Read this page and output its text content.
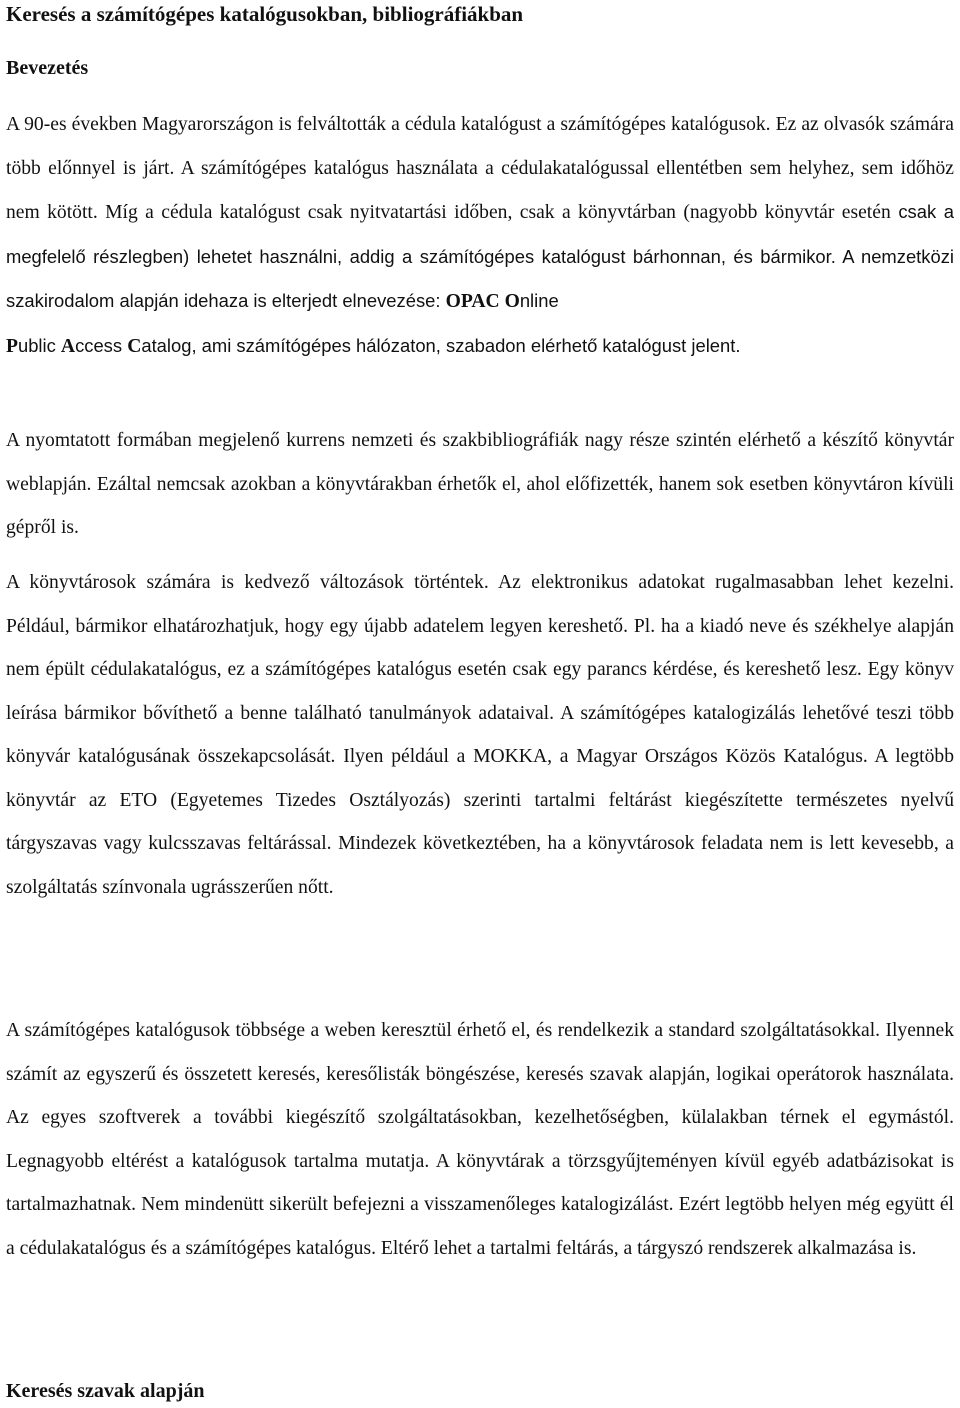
Keresés a számítógépes katalógusokban, bibliográfiákban
Bevezetés
A 90-es években Magyarországon is felváltották a cédula katalógust a számítógépes katalógusok. Ez az olvasók számára több előnnyel is járt. A számítógépes katalógus használata a cédulakatalógussal ellentétben sem helyhez, sem időhöz nem kötött. Míg a cédula katalógust csak nyitvatartási időben, csak a könyvtárban (nagyobb könyvtár esetén csak a megfelelő részlegben) lehetet használni, addig a számítógépes katalógust bárhonnan, és bármikor. A nemzetközi szakirodalom alapján idehaza is elterjedt elnevezése: OPAC Online
Public Access Catalog, ami számítógépes hálózaton, szabadon elérhető katalógust jelent.
A nyomtatott formában megjelenő kurrens nemzeti és szakbibliográfiák nagy része szintén elérhető a készítő könyvtár weblapján. Ezáltal nemcsak azokban a könyvtárakban érhetők el, ahol előfizették, hanem sok esetben könyvtáron kívüli gépről is.
A könyvtárosok számára is kedvező változások történtek. Az elektronikus adatokat rugalmasabban lehet kezelni. Például, bármikor elhatározhatjuk, hogy egy újabb adatelem legyen kereshető. Pl. ha a kiadó neve és székhelye alapján nem épült cédulakatalógus, ez a számítógépes katalógus esetén csak egy parancs kérdése, és kereshető lesz. Egy könyv leírása bármikor bővíthető a benne található tanulmányok adataival. A számítógépes katalogizálás lehetővé teszi több könyvár katalógusának összekapcsolását. Ilyen például a MOKKA, a Magyar Országos Közös Katalógus. A legtöbb könyvtár az ETO (Egyetemes Tizedes Osztályozás) szerinti tartalmi feltárást kiegészítette természetes nyelvű tárgyszavas vagy kulcsszavas feltárással. Mindezek következtében, ha a könyvtárosok feladata nem is lett kevesebb, a szolgáltatás színvonala ugrásszerűen nőtt.
A számítógépes katalógusok többsége a weben keresztül érhető el, és rendelkezik a standard szolgáltatásokkal. Ilyennek számít az egyszerű és összetett keresés, keresőlisták böngészése, keresés szavak alapján, logikai operátorok használata. Az egyes szoftverek a további kiegészítő szolgáltatásokban, kezelhetőségben, külalakban térnek el egymástól. Legnagyobb eltérést a katalógusok tartalma mutatja. A könyvtárak a törzsgyűjteményen kívül egyéb adatbázisokat is tartalmazhatnak. Nem mindenütt sikerült befejezni a visszamenőleges katalogizálást. Ezért legtöbb helyen még együtt él a cédulakatalógus és a számítógépes katalógus. Eltérő lehet a tartalmi feltárás, a tárgyszó rendszerek alkalmazása is.
Keresés szavak alapján
